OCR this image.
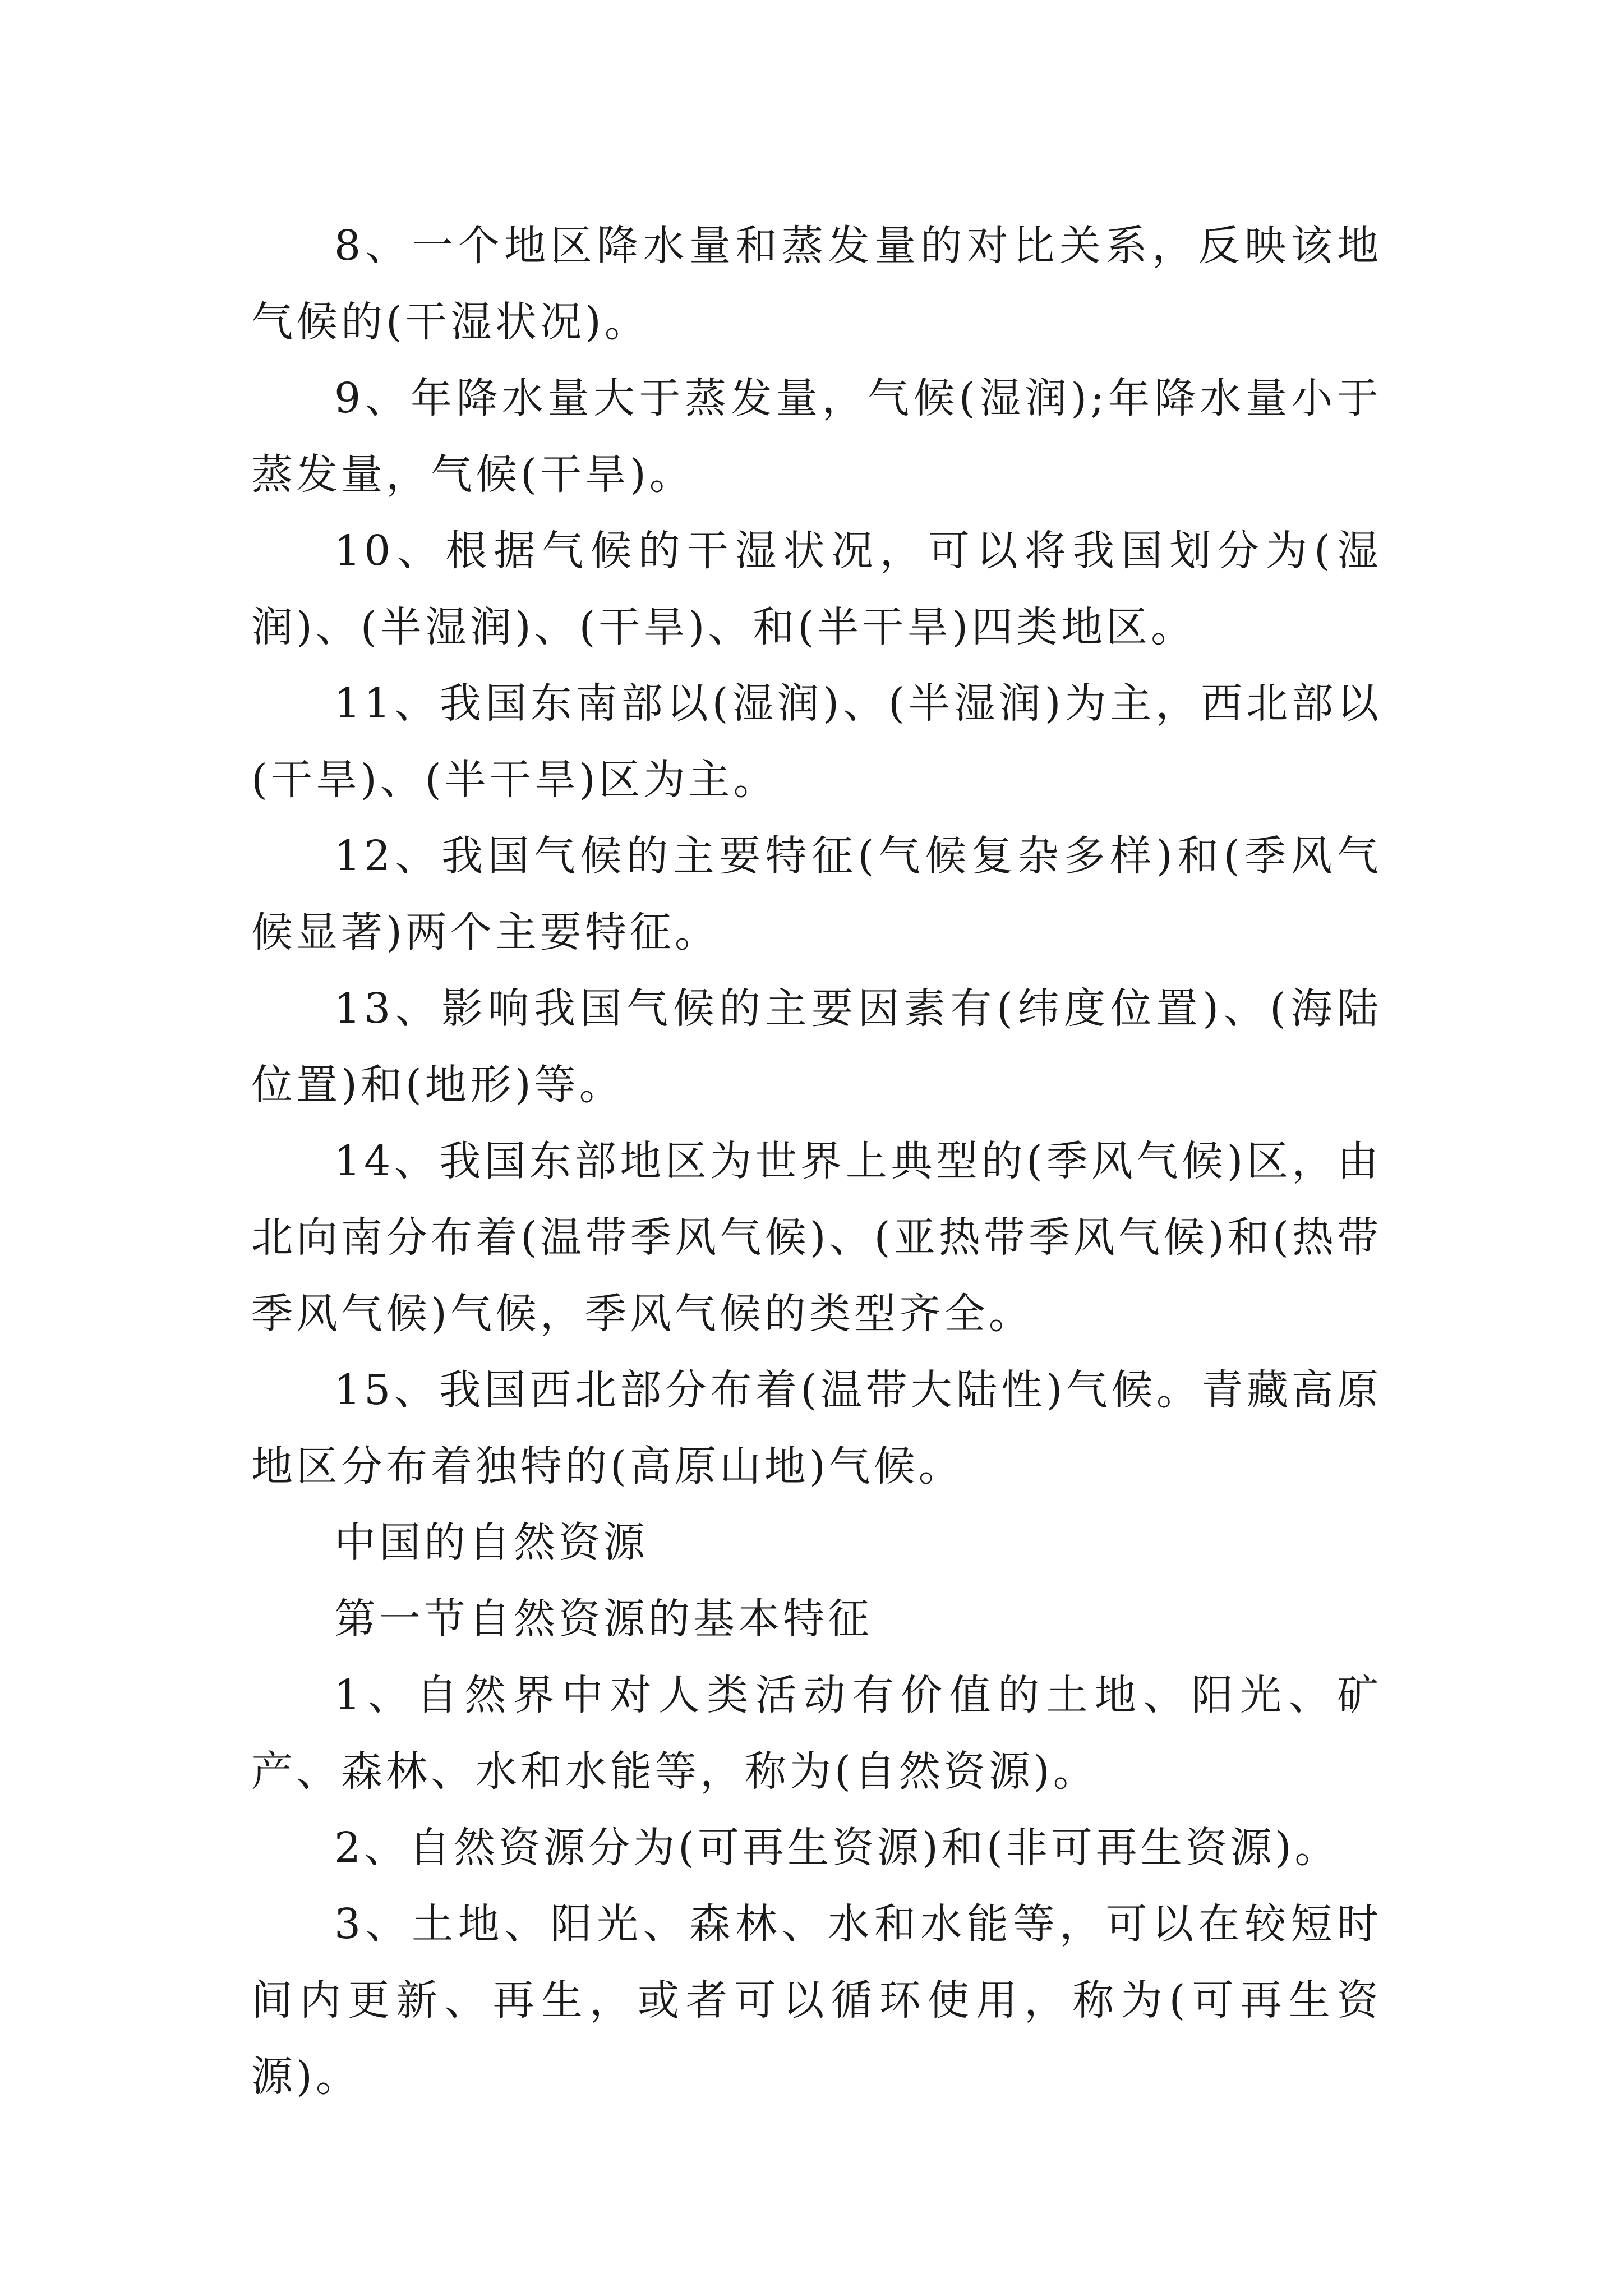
8、一个地区降水量和蒸发量的对比关系，反映该地气候的(干湿状况)。

9、年降水量大于蒸发量，气候(湿润);年降水量小于蒸发量，气候(干旱)。

10、根据气候的干湿状况，可以将我国划分为(湿润)、(半湿润)、(干旱)、和(半干旱)四类地区。

11、我国东南部以(湿润)、(半湿润)为主，西北部以(干旱)、(半干旱)区为主。

12、我国气候的主要特征(气候复杂多样)和(季风气候显著)两个主要特征。

13、影响我国气候的主要因素有(纬度位置)、(海陆位置)和(地形)等。

14、我国东部地区为世界上典型的(季风气候)区，由北向南分布着(温带季风气候)、(亚热带季风气候)和(热带季风气候)气候，季风气候的类型齐全。

15、我国西北部分布着(温带大陆性)气候。青藏高原地区分布着独特的(高原山地)气候。

中国的自然资源

第一节自然资源的基本特征

1、自然界中对人类活动有价值的土地、阳光、矿产、森林、水和水能等，称为(自然资源)。

2、自然资源分为(可再生资源)和(非可再生资源)。

3、土地、阳光、森林、水和水能等，可以在较短时间内更新、再生，或者可以循环使用，称为(可再生资源)。
